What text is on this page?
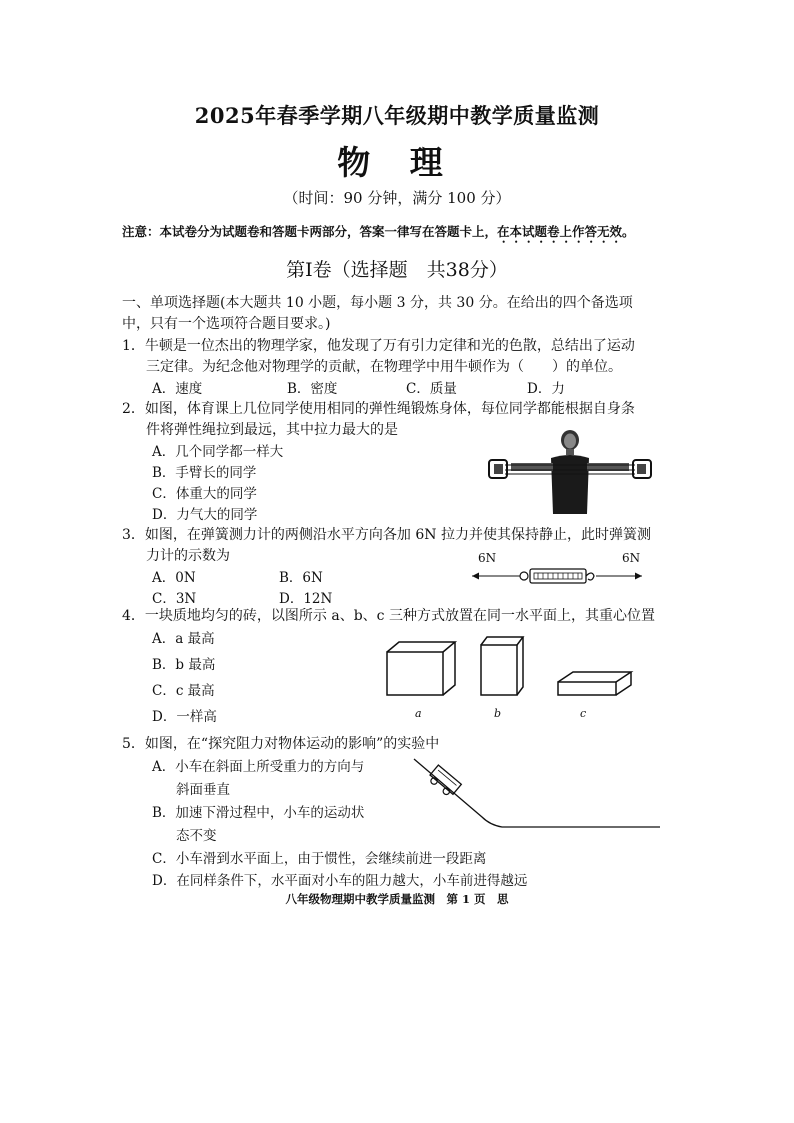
2025年春季学期八年级期中教学质量监测
物 理
（时间：90 分钟，满分 100 分）
注意：本试卷分为试题卷和答题卡两部分，答案一律写在答题卡上，在本试题卷上作答无效。
第Ⅰ卷（选择题　共38分）
一、单项选择题(本大题共 10 小题，每小题 3 分，共 30 分。在给出的四个备选项
中，只有一个选项符合题目要求。)
1．牛顿是一位杰出的物理学家，他发现了万有引力定律和光的色散，总结出了运动
三定律。为纪念他对物理学的贡献，在物理学中用牛顿作为（　　）的单位。
A．速度	B．密度	C．质量	D．力
2．如图，体育课上几位同学使用相同的弹性绳锻炼身体，每位同学都能根据自身条
件将弹性绳拉到最远，其中拉力最大的是
A．几个同学都一样大
B．手臂长的同学
C．体重大的同学
D．力气大的同学
3．如图，在弹簧测力计的两侧沿水平方向各加 6N 拉力并使其保持静止，此时弹簧测
力计的示数为
A．0N	B．6N
C．3N	D．12N
6N	6N
4．一块质地均匀的砖，以图所示 a、b、c 三种方式放置在同一水平面上，其重心位置
A．a 最高
B．b 最高
C．c 最高
D．一样高	a	b	c
5．如图，在“探究阻力对物体运动的影响”的实验中
A．小车在斜面上所受重力的方向与
斜面垂直
B．加速下滑过程中，小车的运动状
态不变
C．小车滑到水平面上，由于惯性，会继续前进一段距离
D．在同样条件下，水平面对小车的阻力越大，小车前进得越远
八年级物理期中教学质量监测　第 1 页　思
